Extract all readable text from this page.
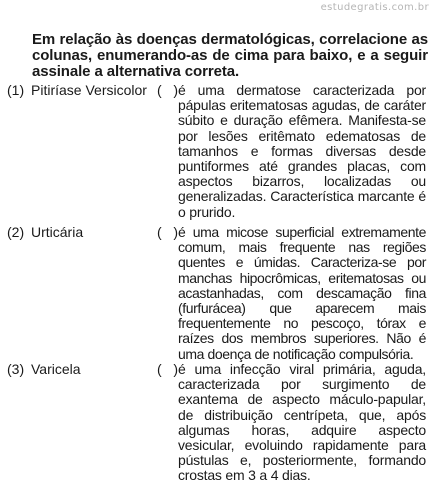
estudegratis.com.br
Em relação às doenças dermatológicas, correlacione as colunas, enumerando-as de cima para baixo, e a seguir assinale a alternativa correta.
(1) Pitiríase Versicolor (   ) é uma dermatose caracterizada por pápulas eritematosas agudas, de caráter súbito e duração efêmera. Manifesta-se por lesões eritêmato edematosas de tamanhos e formas diversas desde puntiformes até grandes placas, com aspectos bizarros, localizadas ou generalizadas. Característica marcante é o prurido.
(2) Urticária	(   ) é uma micose superficial extremamente comum, mais frequente nas regiões quentes e úmidas. Caracteriza-se por manchas hipocrômicas, eritematosas ou acastanhadas, com descamação fina (furfurácea) que aparecem mais frequentemente no pescoço, tórax e raízes dos membros superiores. Não é uma doença de notificação compulsória.
(3) Varicela	(   ) é uma infecção viral primária, aguda, caracterizada por surgimento de exantema de aspecto máculo-papular, de distribuição centrípeta, que, após algumas horas, adquire aspecto vesicular, evoluindo rapidamente para pústulas e, posteriormente, formando crostas em 3 a 4 dias.
